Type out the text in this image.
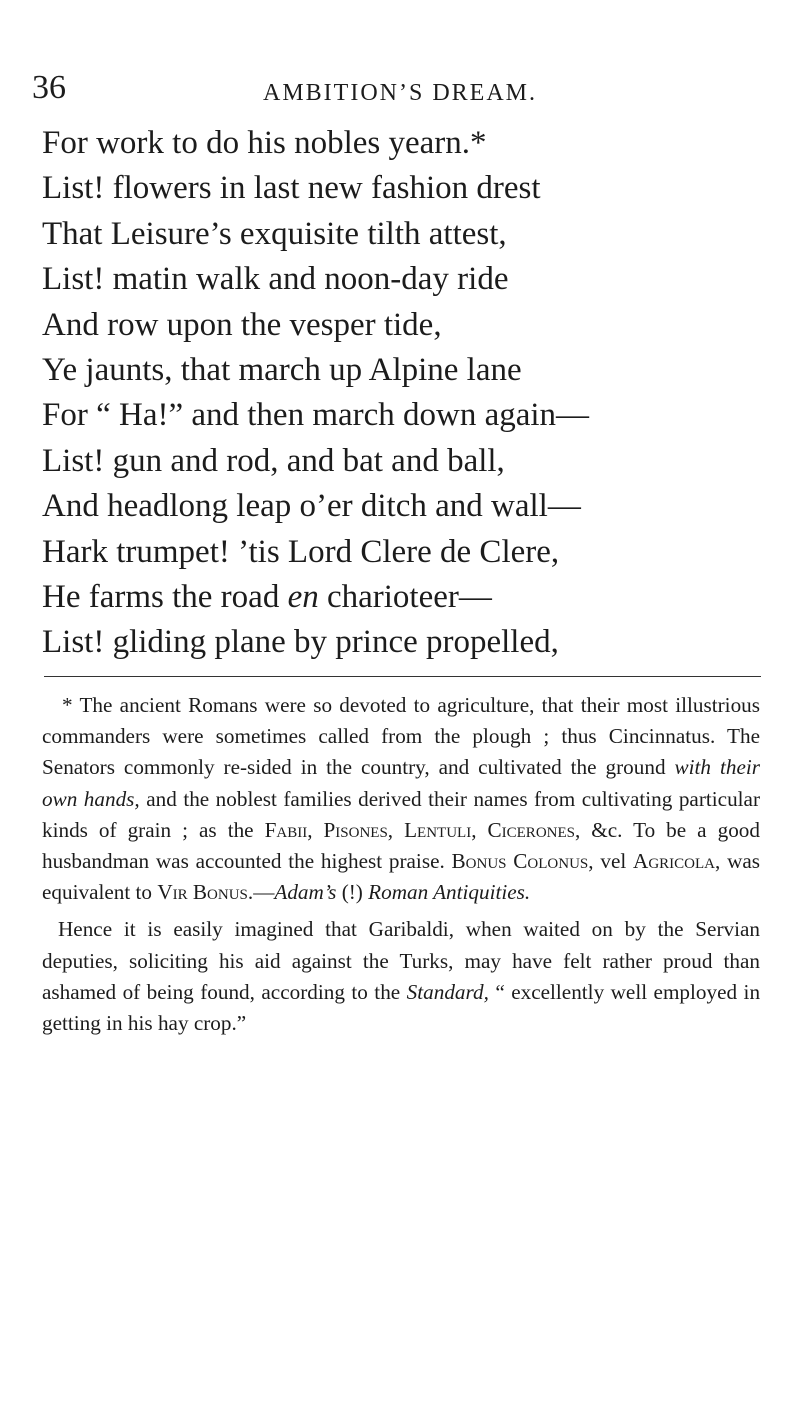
36	AMBITION’S DREAM.
For work to do his nobles yearn.*
List! flowers in last new fashion drest
That Leisure’s exquisite tilth attest,
List! matin walk and noon-day ride
And row upon the vesper tide,
Ye jaunts, that march up Alpine lane
For “ Ha!” and then march down again—
List! gun and rod, and bat and ball,
And headlong leap o’er ditch and wall—
Hark trumpet! ’tis Lord Clere de Clere,
He farms the road en charioteer—
List! gliding plane by prince propelled,

* The ancient Romans were so devoted to agriculture, that their most illustrious commanders were sometimes called from the plough ; thus Cincinnatus. The Senators commonly re-sided in the country, and cultivated the ground with their own hands, and the noblest families derived their names from cultivating particular kinds of grain ; as the Fabii, Pisones, Lentuli, Cicerones, &c. To be a good husbandman was accounted the highest praise. Bonus Colonus, vel Agricola, was equivalent to Vir Bonus.—Adam’s (!) Roman Antiquities.

Hence it is easily imagined that Garibaldi, when waited on by the Servian deputies, soliciting his aid against the Turks, may have felt rather proud than ashamed of being found, according to the Standard, “ excellently well employed in getting in his hay crop.”
